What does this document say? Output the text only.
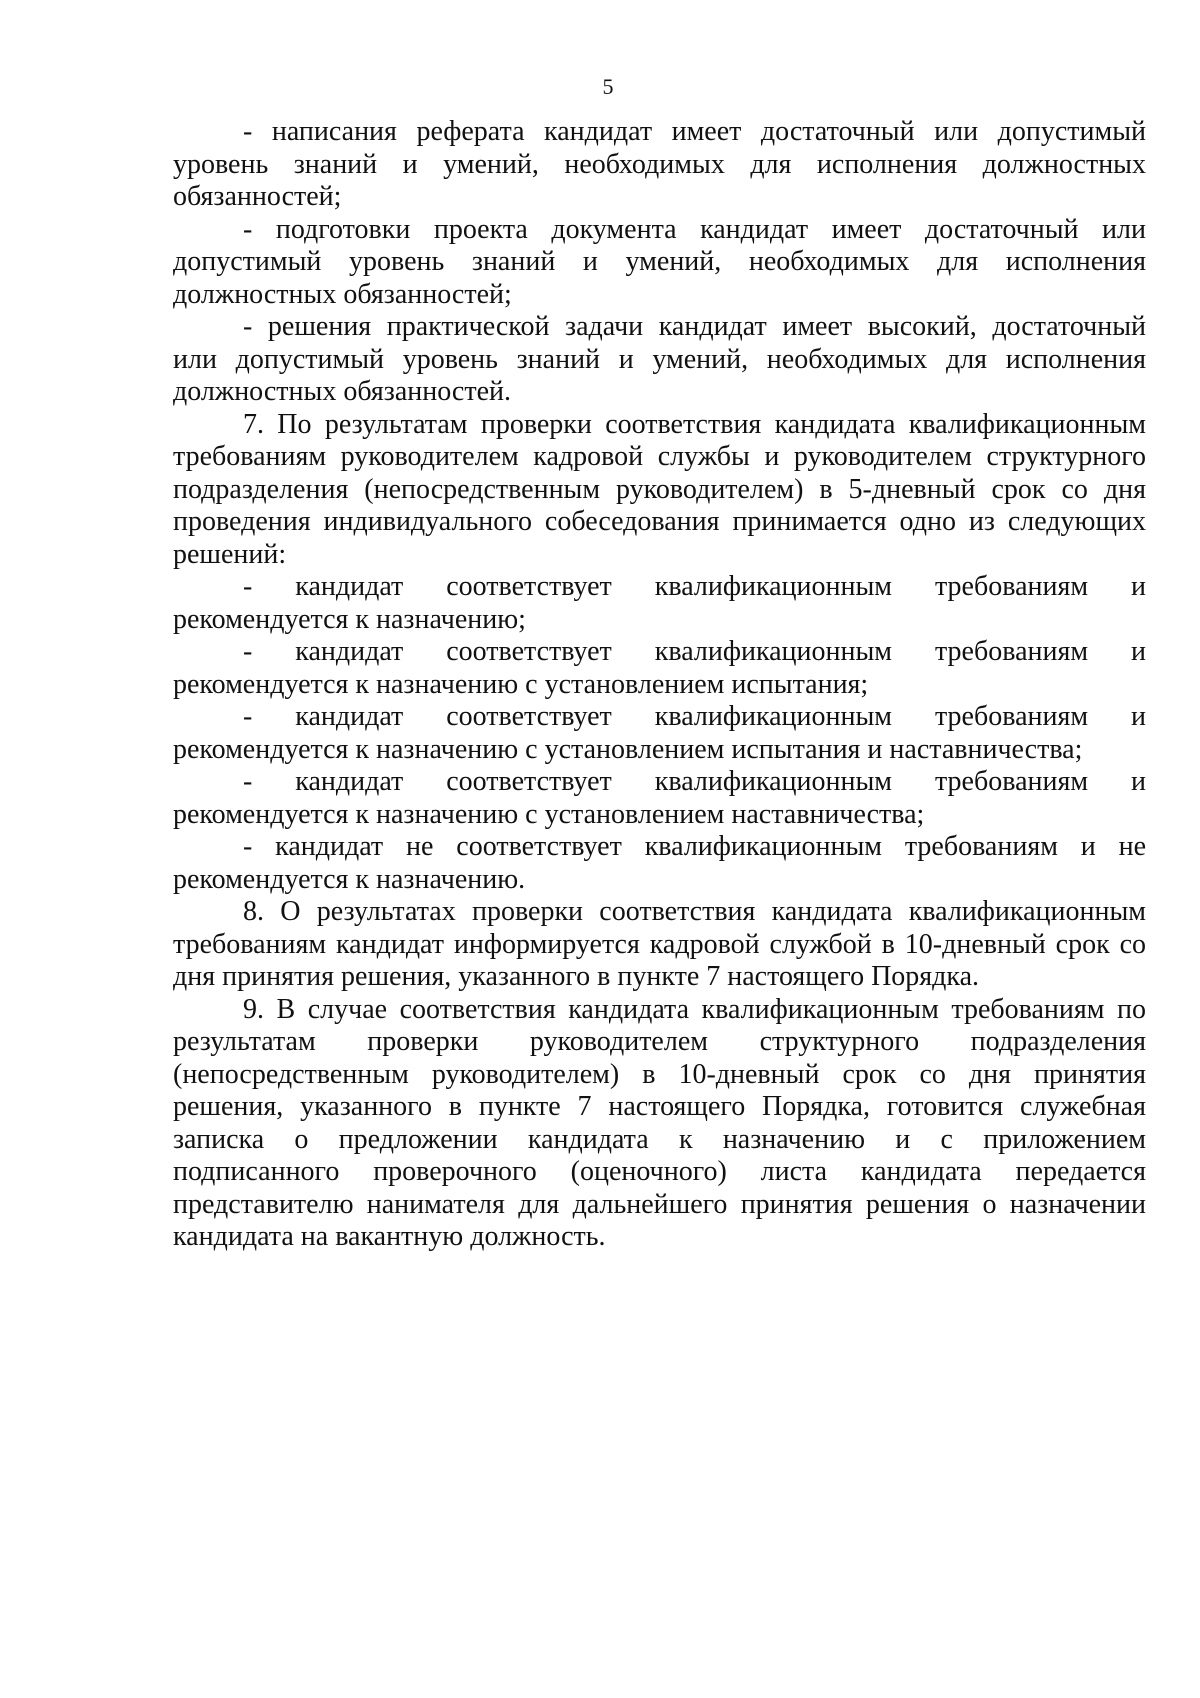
5
- написания реферата кандидат имеет достаточный или допустимый
уровень знаний и умений, необходимых для исполнения должностных
обязанностей;
- подготовки проекта документа кандидат имеет достаточный или
допустимый уровень знаний и умений, необходимых для исполнения
должностных обязанностей;
- решения практической задачи кандидат имеет высокий, достаточный
или допустимый уровень знаний и умений, необходимых для исполнения
должностных обязанностей.
7. По результатам проверки соответствия кандидата квалификационным
требованиям руководителем кадровой службы и руководителем структурного
подразделения (непосредственным руководителем) в 5-дневный срок со дня
проведения индивидуального собеседования принимается одно из следующих
решений:
- кандидат соответствует квалификационным требованиям и
рекомендуется к назначению;
- кандидат соответствует квалификационным требованиям и
рекомендуется к назначению с установлением испытания;
- кандидат соответствует квалификационным требованиям и
рекомендуется к назначению с установлением испытания и наставничества;
- кандидат соответствует квалификационным требованиям и
рекомендуется к назначению с установлением наставничества;
- кандидат не соответствует квалификационным требованиям и не
рекомендуется к назначению.
8. О результатах проверки соответствия кандидата квалификационным
требованиям кандидат информируется кадровой службой в 10-дневный срок со
дня принятия решения, указанного в пункте 7 настоящего Порядка.
9. В случае соответствия кандидата квалификационным требованиям по
результатам проверки руководителем структурного подразделения
(непосредственным руководителем) в 10-дневный срок со дня принятия
решения, указанного в пункте 7 настоящего Порядка, готовится служебная
записка о предложении кандидата к назначению и с приложением
подписанного проверочного (оценочного) листа кандидата передается
представителю нанимателя для дальнейшего принятия решения о назначении
кандидата на вакантную должность.
